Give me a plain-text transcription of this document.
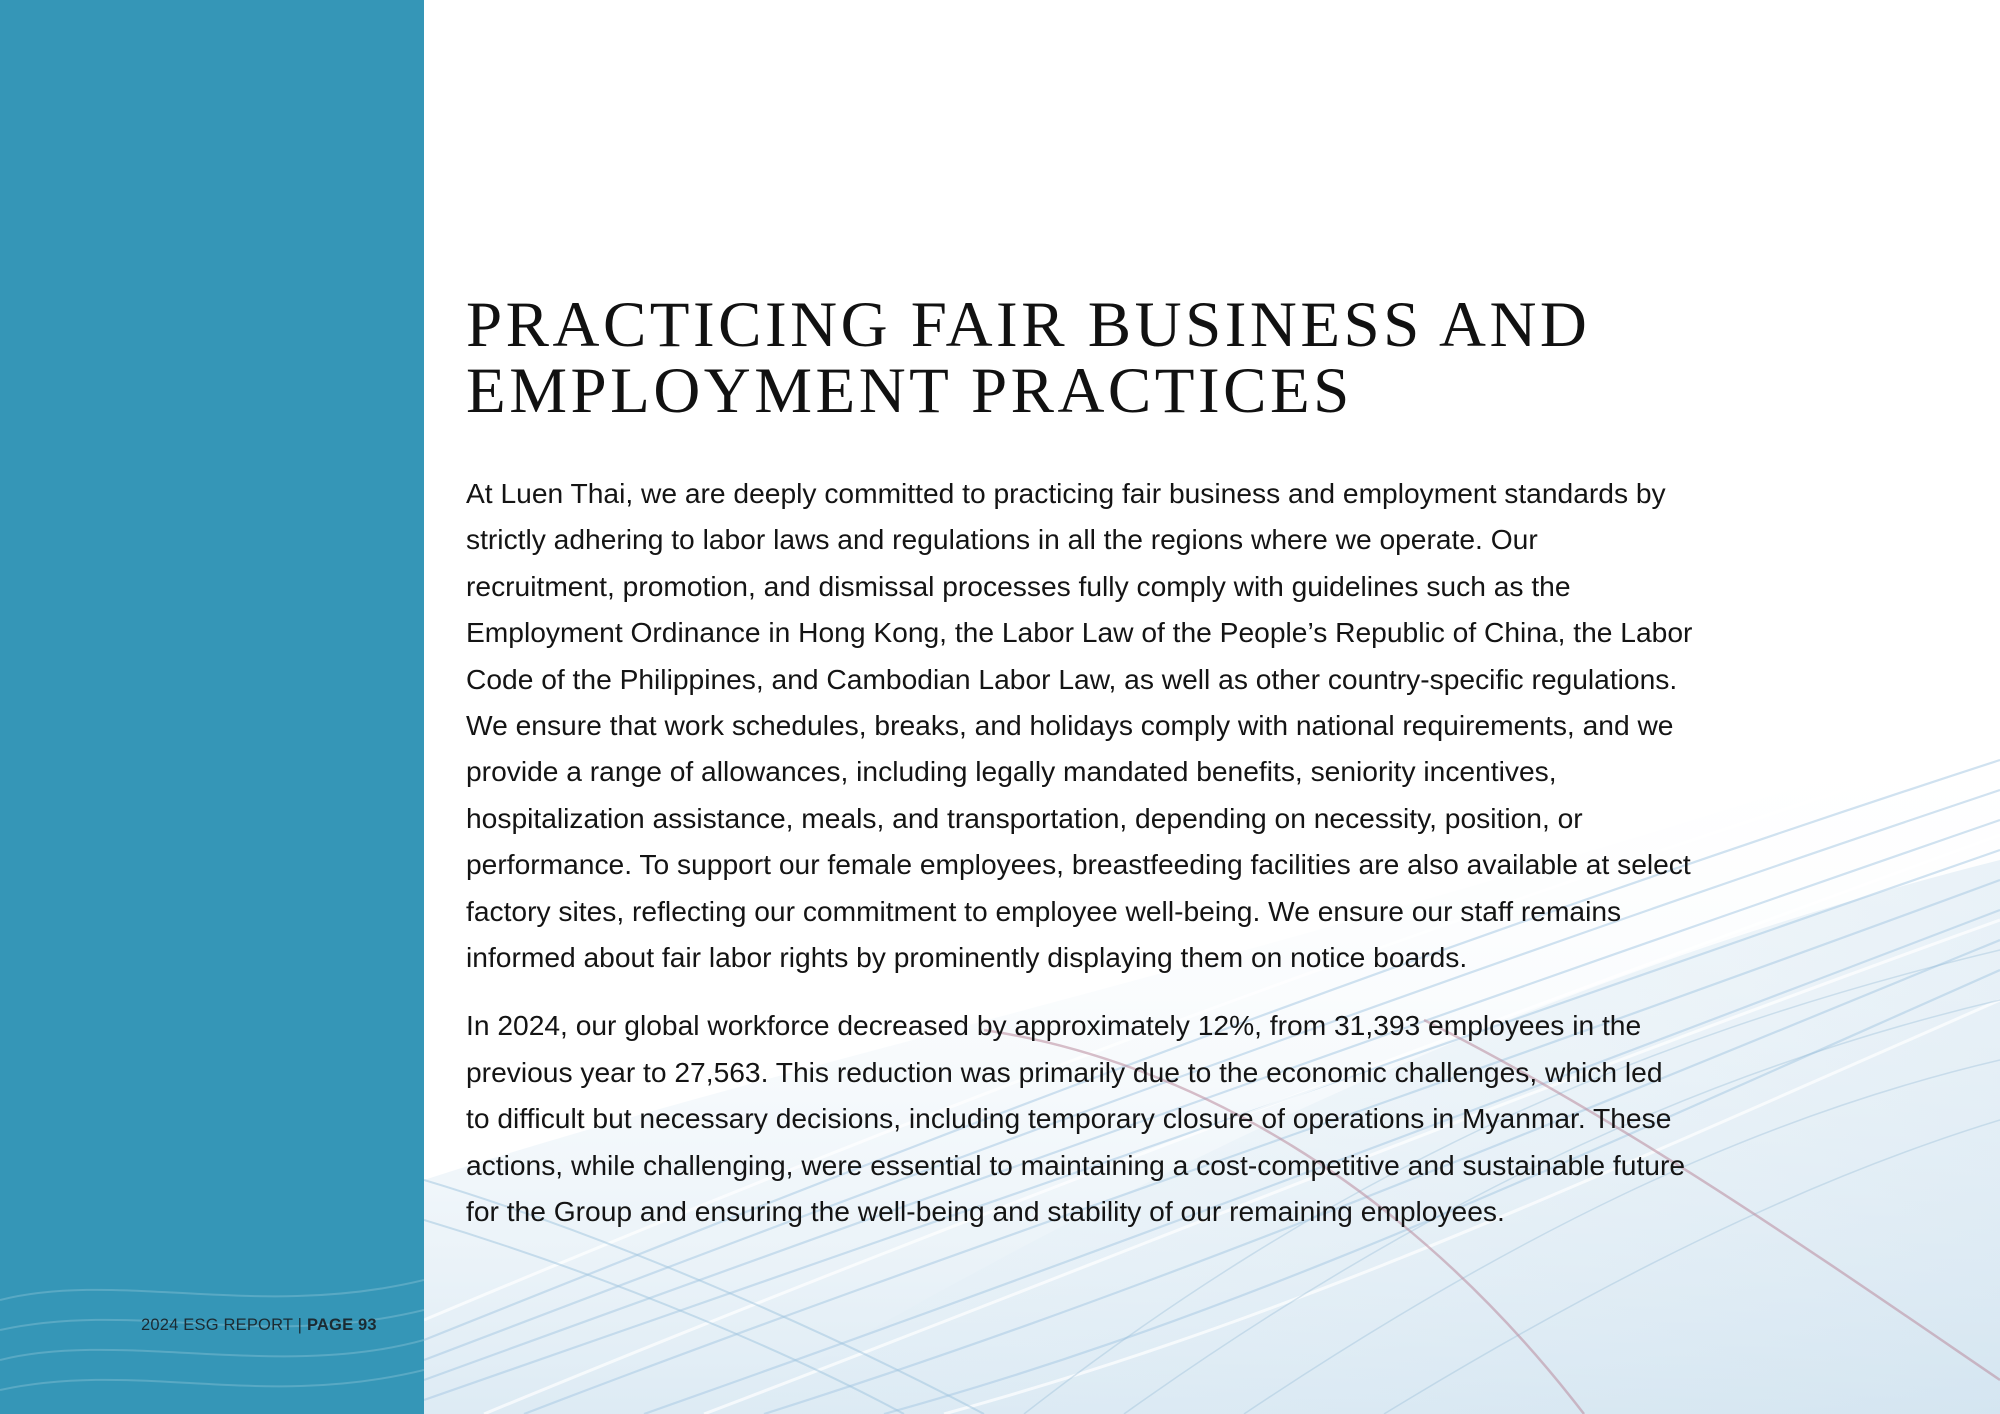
PRACTICING FAIR BUSINESS AND
EMPLOYMENT PRACTICES

At Luen Thai, we are deeply committed to practicing fair business and employment standards by
strictly adhering to labor laws and regulations in all the regions where we operate. Our
recruitment, promotion, and dismissal processes fully comply with guidelines such as the
Employment Ordinance in Hong Kong, the Labor Law of the People’s Republic of China, the Labor
Code of the Philippines, and Cambodian Labor Law, as well as other country-specific regulations.
We ensure that work schedules, breaks, and holidays comply with national requirements, and we
provide a range of allowances, including legally mandated benefits, seniority incentives,
hospitalization assistance, meals, and transportation, depending on necessity, position, or
performance. To support our female employees, breastfeeding facilities are also available at select
factory sites, reflecting our commitment to employee well-being. We ensure our staff remains
informed about fair labor rights by prominently displaying them on notice boards.

In 2024, our global workforce decreased by approximately 12%, from 31,393 employees in the
previous year to 27,563. This reduction was primarily due to the economic challenges, which led
to difficult but necessary decisions, including temporary closure of operations in Myanmar. These
actions, while challenging, were essential to maintaining a cost-competitive and sustainable future
for the Group and ensuring the well-being and stability of our remaining employees.

2024 ESG REPORT | PAGE 93
